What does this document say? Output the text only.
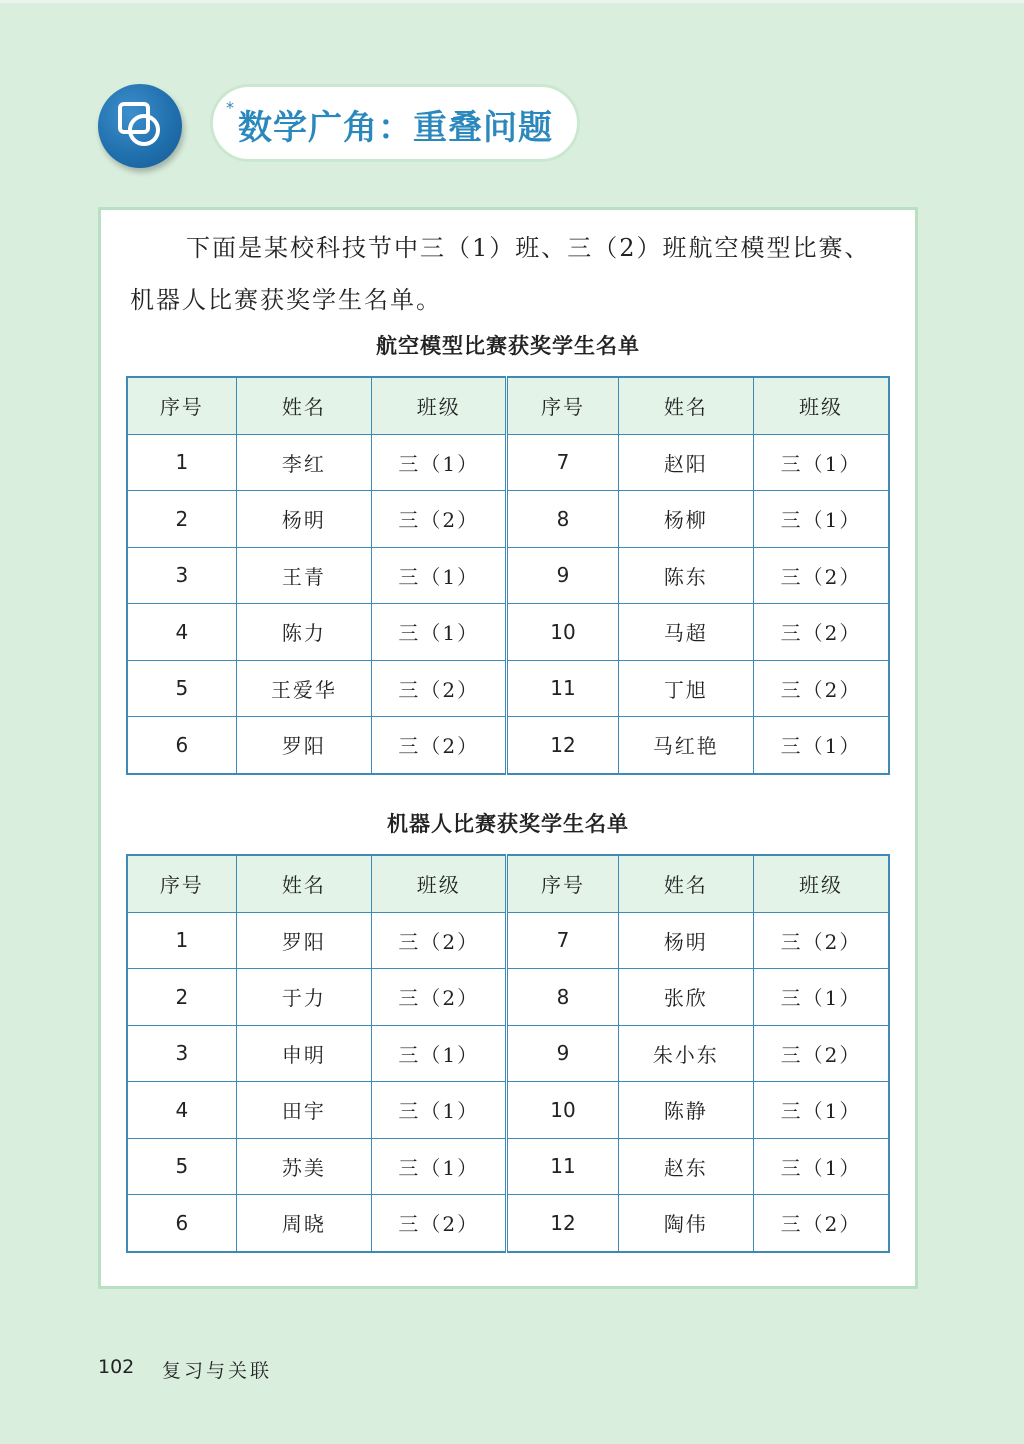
*
数学广角：重叠问题
下面是某校科技节中三（1）班、三（2）班航空模型比赛、
机器人比赛获奖学生名单。
航空模型比赛获奖学生名单
序号	姓名	班级	序号	姓名	班级
1	李红	三（1）	7	赵阳	三（1）
2	杨明	三（2）	8	杨柳	三（1）
3	王青	三（1）	9	陈东	三（2）
4	陈力	三（1）	10	马超	三（2）
5	王爱华	三（2）	11	丁旭	三（2）
6	罗阳	三（2）	12	马红艳	三（1）
机器人比赛获奖学生名单
序号	姓名	班级	序号	姓名	班级
1	罗阳	三（2）	7	杨明	三（2）
2	于力	三（2）	8	张欣	三（1）
3	申明	三（1）	9	朱小东	三（2）
4	田宇	三（1）	10	陈静	三（1）
5	苏美	三（1）	11	赵东	三（1）
6	周晓	三（2）	12	陶伟	三（2）
102 复习与关联
